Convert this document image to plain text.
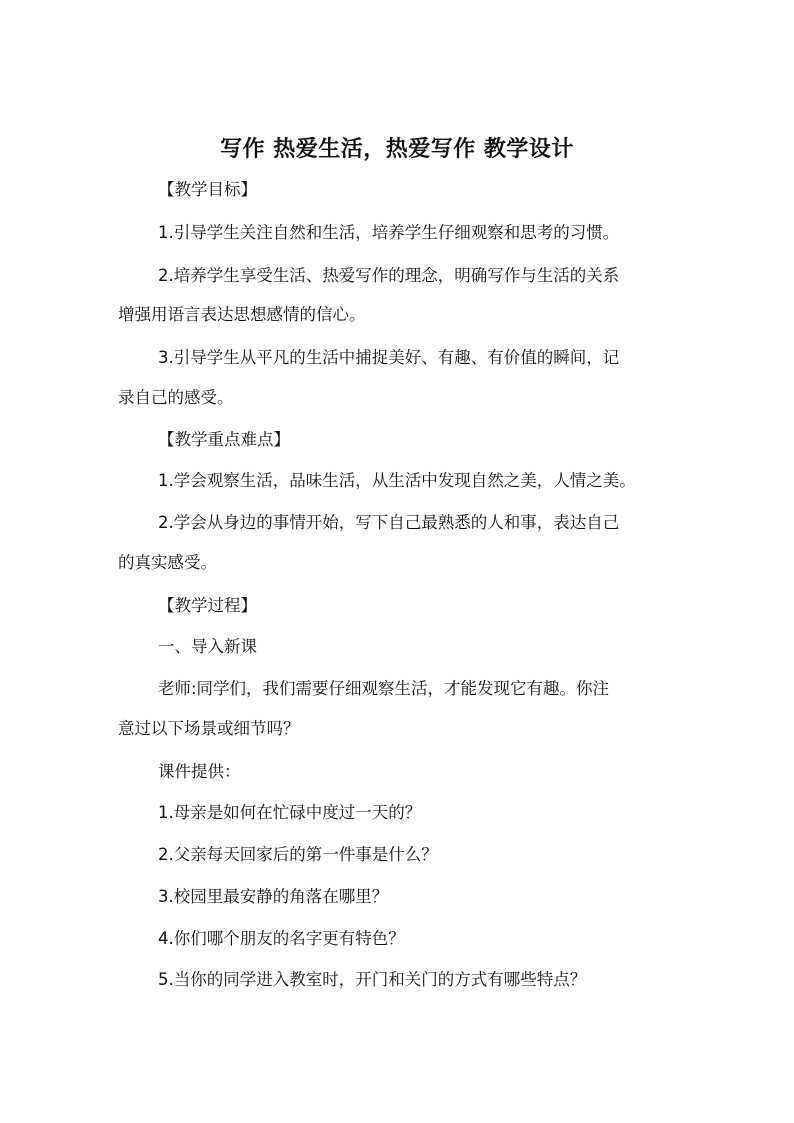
写作 热爱生活，热爱写作 教学设计
【教学目标】
1.引导学生关注自然和生活，培养学生仔细观察和思考的习惯。
2.培养学生享受生活、热爱写作的理念，明确写作与生活的关系
增强用语言表达思想感情的信心。
3.引导学生从平凡的生活中捕捉美好、有趣、有价值的瞬间，记
录自己的感受。
【教学重点难点】
1.学会观察生活，品味生活，从生活中发现自然之美，人情之美。
2.学会从身边的事情开始，写下自己最熟悉的人和事，表达自己
的真实感受。
【教学过程】
一、导入新课
老师:同学们，我们需要仔细观察生活，才能发现它有趣。你注
意过以下场景或细节吗？
课件提供：
1.母亲是如何在忙碌中度过一天的？
2.父亲每天回家后的第一件事是什么？
3.校园里最安静的角落在哪里？
4.你们哪个朋友的名字更有特色？
5.当你的同学进入教室时，开门和关门的方式有哪些特点？
